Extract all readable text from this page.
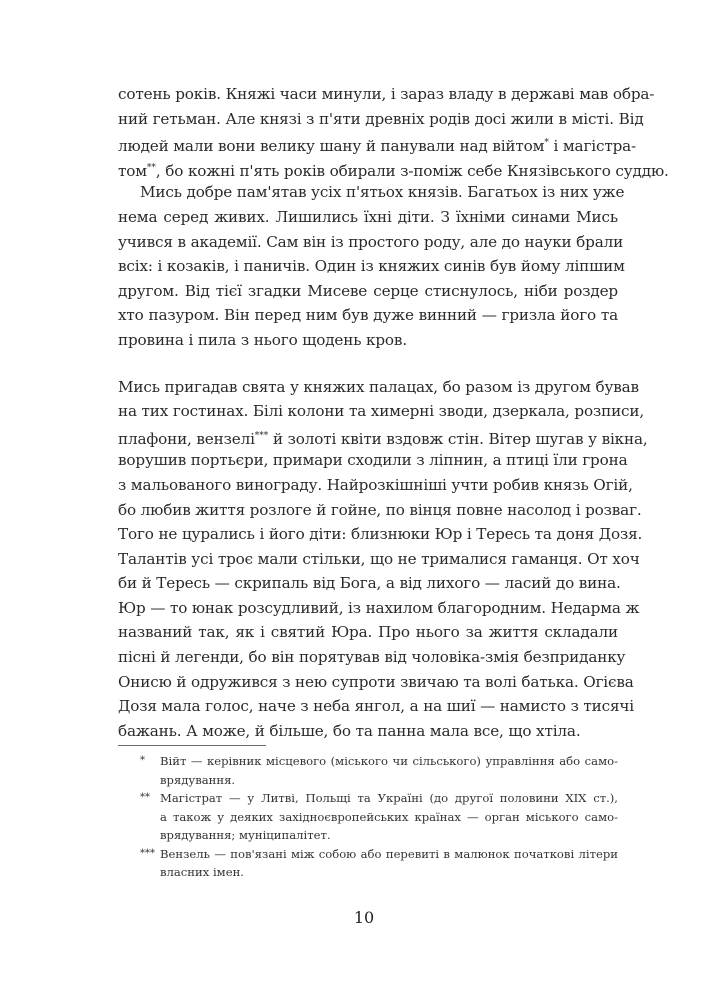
сотень років. Княжі часи минули, і зараз владу в державі мав обра-
ний гетьман. Але князі з п'яти древніх родів досі жили в місті. Від
людей мали вони велику шану й панували над війтом* і магістра-
том**, бо кожні п'ять років обирали з-поміж себе Князівського суддю.

Мись добре пам'ятав усіх п'ятьох князів. Багатьох із них уже
нема серед живих. Лишились їхні діти. З їхніми синами Мись
учився в академії. Сам він із простого роду, але до науки брали
всіх: і козаків, і паничів. Один із княжих синів був йому ліпшим
другом. Від тієї згадки Мисеве серце стиснулось, ніби роздер
хто пазуром. Він перед ним був дуже винний — гризла його та
провина і пила з нього щодень кров.

Мись пригадав свята у княжих палацах, бо разом із другом бував
на тих гостинах. Білі колони та химерні зводи, дзеркала, розписи,
плафони, вензелі*** й золоті квіти вздовж стін. Вітер шугав у вікна,
ворушив портьєри, примари сходили з ліпнин, а птиці їли грона
з мальованого винограду. Найрозкішніші учти робив князь Огій,
бо любив життя розлоге й гойне, по вінця повне насолод і розваг.
Того не цурались і його діти: близнюки Юр і Тересь та доня Дозя.
Талантів усі троє мали стільки, що не трималися гаманця. От хоч
би й Тересь — скрипаль від Бога, а від лихого — ласий до вина.
Юр — то юнак розсудливий, із нахилом благородним. Недарма ж
названий так, як і святий Юра. Про нього за життя складали
пісні й легенди, бо він порятував від чоловіка-змія безприданку
Онисю й одружився з нею супроти звичаю та волі батька. Огієва
Дозя мала голос, наче з неба янгол, а на шиї — намисто з тисячі
бажань. А може, й більше, бо та панна мала все, що хтіла.

*	Війт — керівник місцевого (міського чи сільського) управління або само-
врядування.
** Магістрат — у Литві, Польщі та Україні (до другої половини XIX ст.),
а також у деяких західноєвропейських країнах — орган міського само-
врядування; муніципалітет.
*** Вензель — пов'язані між собою або перевиті в малюнок початкові літери
власних імен.
10
